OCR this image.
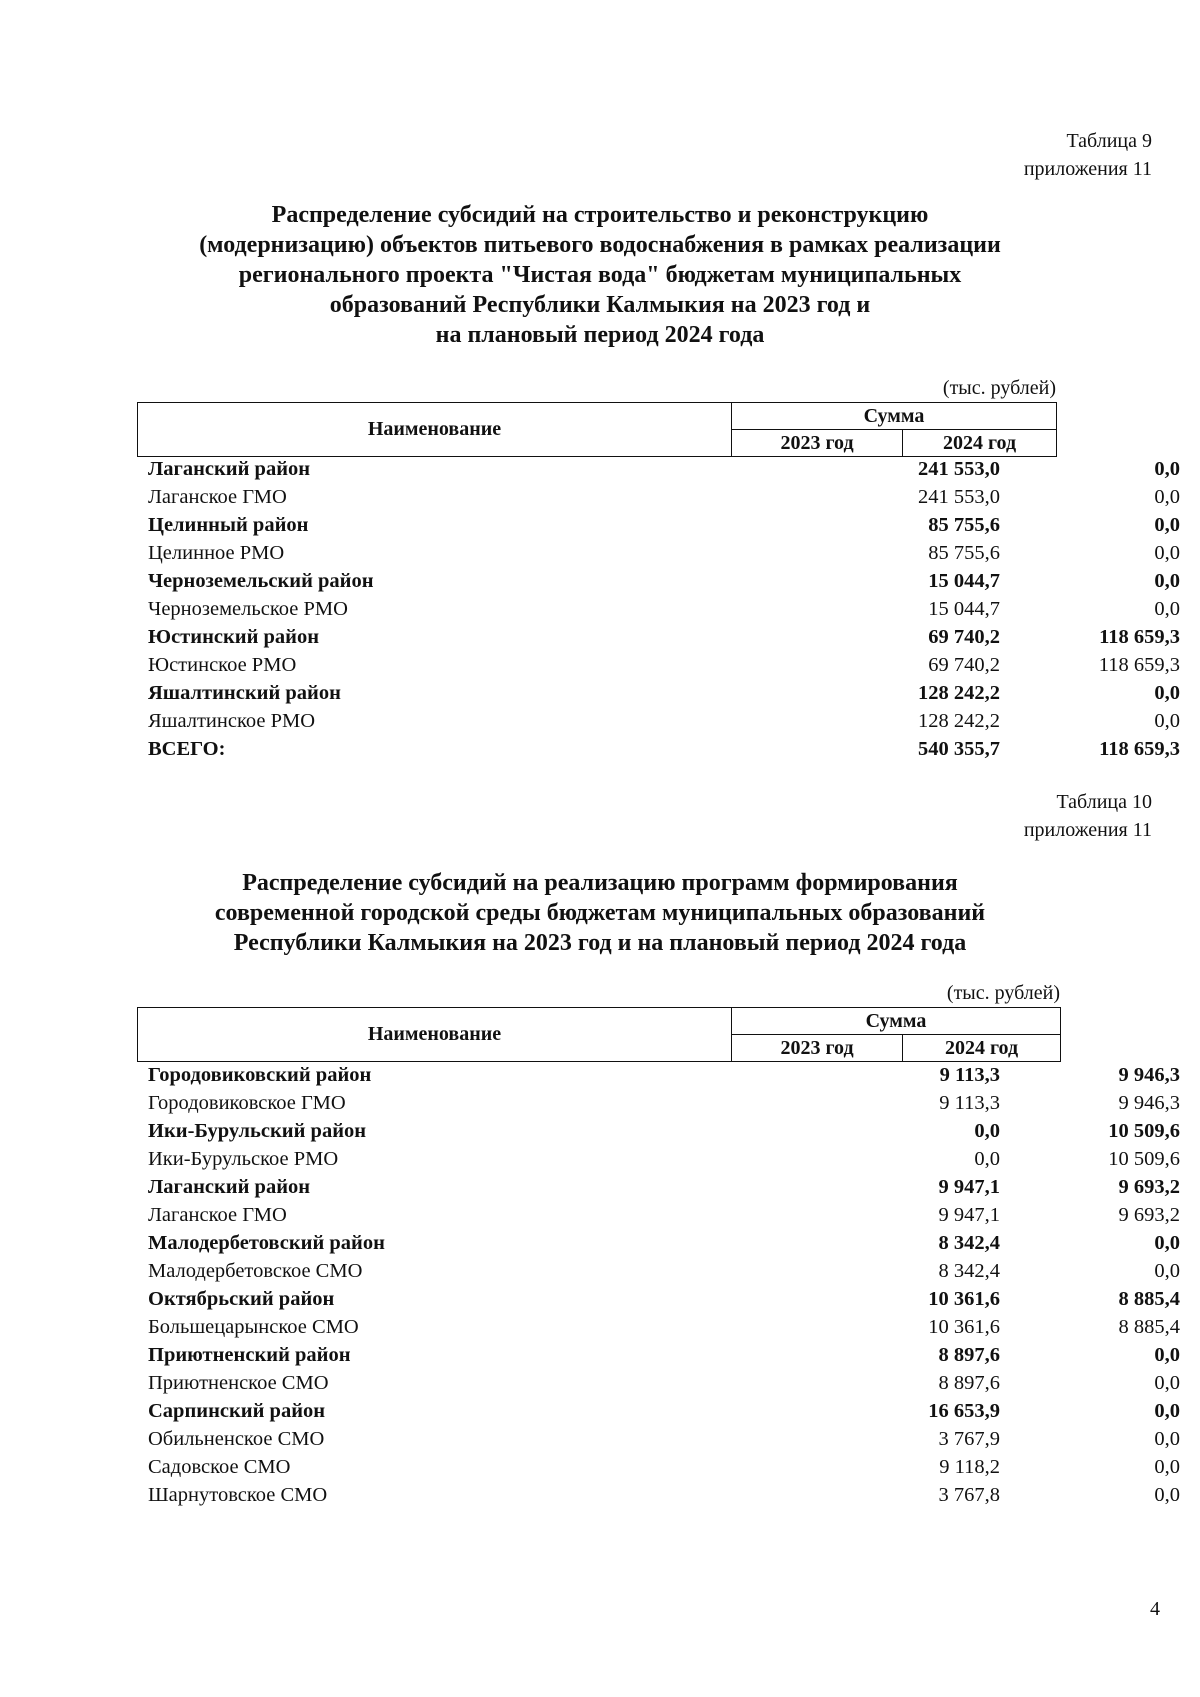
Таблица 9
приложения 11
Распределение субсидий на строительство и реконструкцию
(модернизацию) объектов питьевого водоснабжения в рамках реализации
регионального проекта "Чистая вода" бюджетам муниципальных
образований Республики Калмыкия на 2023 год и
на плановый период 2024 года
(тыс. рублей)
Наименование	Сумма	
	2023 год	2024 год
Лаганский район	241 553,0	0,0
Лаганское ГМО	241 553,0	0,0
Целинный район	85 755,6	0,0
Целинное РМО	85 755,6	0,0
Черноземельский район	15 044,7	0,0
Черноземельское РМО	15 044,7	0,0
Юстинский район	69 740,2	118 659,3
Юстинское РМО	69 740,2	118 659,3
Яшалтинский район	128 242,2	0,0
Яшалтинское РМО	128 242,2	0,0
ВСЕГО:	540 355,7	118 659,3
Таблица 10
приложения 11
Распределение субсидий на реализацию программ формирования
современной городской среды бюджетам муниципальных образований
Республики Калмыкия на 2023 год и на плановый период 2024 года
(тыс. рублей)
Наименование	Сумма	
	2023 год	2024 год
Городовиковский район	9 113,3	9 946,3
Городовиковское ГМО	9 113,3	9 946,3
Ики-Бурульский район	0,0	10 509,6
Ики-Бурульское РМО	0,0	10 509,6
Лаганский район	9 947,1	9 693,2
Лаганское ГМО	9 947,1	9 693,2
Малодербетовский район	8 342,4	0,0
Малодербетовское СМО	8 342,4	0,0
Октябрьский район	10 361,6	8 885,4
Большецарынское СМО	10 361,6	8 885,4
Приютненский район	8 897,6	0,0
Приютненское СМО	8 897,6	0,0
Сарпинский район	16 653,9	0,0
Обильненское СМО	3 767,9	0,0
Садовское СМО	9 118,2	0,0
Шарнутовское СМО	3 767,8	0,0
4
